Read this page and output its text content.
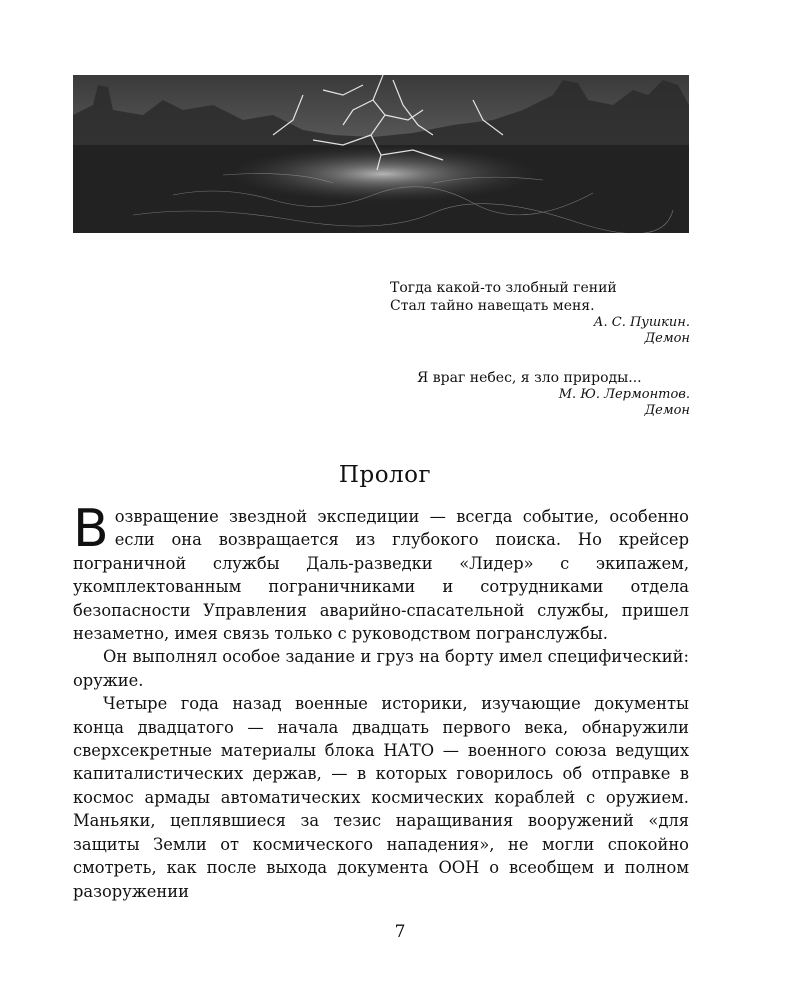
Тогда какой-то злобный гений
Стал тайно навещать меня.
А. С. Пушкин.
Демон
Я враг небес, я зло природы...
М. Ю. Лермонтов.
Демон
Пролог

Возвращение звездной экспедиции — всегда событие, особенно если она возвращается из глубокого поиска. Но крейсер пограничной службы Даль-разведки «Лидер» с экипажем, укомплектованным пограничниками и сотрудниками отдела безопасности Управления аварийно-спасательной службы, пришел незаметно, имея связь только с руководством погранслужбы.

Он выполнял особое задание и груз на борту имел специфический: оружие.

Четыре года назад военные историки, изучающие документы конца двадцатого — начала двадцать первого века, обнаружили сверхсекретные материалы блока НАТО — военного союза ведущих капиталистических держав, — в которых говорилось об отправке в космос армады автоматических космических кораблей с оружием. Маньяки, цеплявшиеся за тезис наращивания вооружений «для защиты Земли от космического нападения», не могли спокойно смотреть, как после выхода документа ООН о всеобщем и полном разоружении

7
